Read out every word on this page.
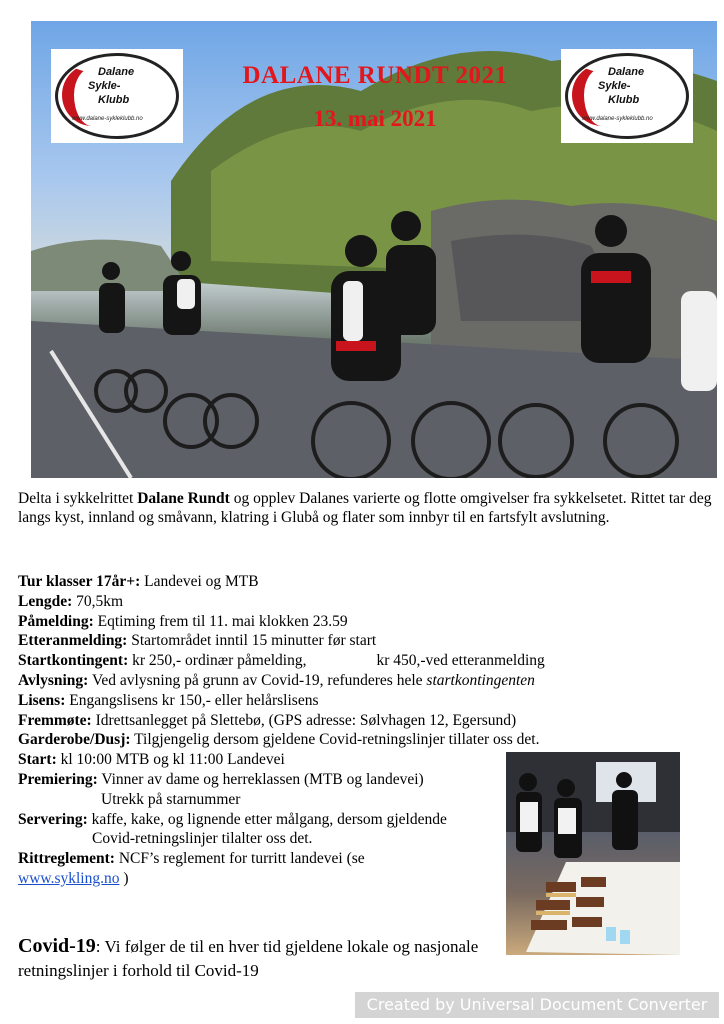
Dalane
Sykle-
Klubb
www.dalane-sykleklubb.no
Dalane
Sykle-
Klubb
www.dalane-sykleklubb.no
DALANE RUNDT 2021
13. mai 2021
Delta i sykkelrittet Dalane Rundt og opplev Dalanes varierte og flotte omgivelser fra sykkelsetet. Rittet tar deg langs kyst, innland og småvann, klatring i Glubå og flater som innbyr til en fartsfylt avslutning.
Tur klasser 17år+: Landevei og MTB
Lengde: 70,5km
Påmelding: Eqtiming frem til 11. mai klokken 23.59
Etteranmelding: Startområdet inntil 15 minutter før start
Startkontingent: kr 250,- ordinær påmelding,	kr 450,-ved etteranmelding
Avlysning: Ved avlysning på grunn av Covid-19, refunderes hele startkontingenten
Lisens: Engangslisens kr 150,- eller helårslisens
Fremmøte: Idrettsanlegget på Slettebø, (GPS adresse: Sølvhagen 12, Egersund)
Garderobe/Dusj: Tilgjengelig dersom gjeldene Covid-retningslinjer tillater oss det.
Start: kl 10:00 MTB og kl 11:00 Landevei
Premiering: Vinner av dame og herreklassen (MTB og landevei)
Utrekk på starnummer
Servering: kaffe, kake, og lignende etter målgang, dersom gjeldende
Covid-retningslinjer tilalter oss det.
Rittreglement: NCF’s reglement for turritt landevei (se
www.sykling.no )
Covid-19: Vi følger de til en hver tid gjeldene lokale og nasjonale retningslinjer i forhold til Covid-19
Created by Universal Document Converter
